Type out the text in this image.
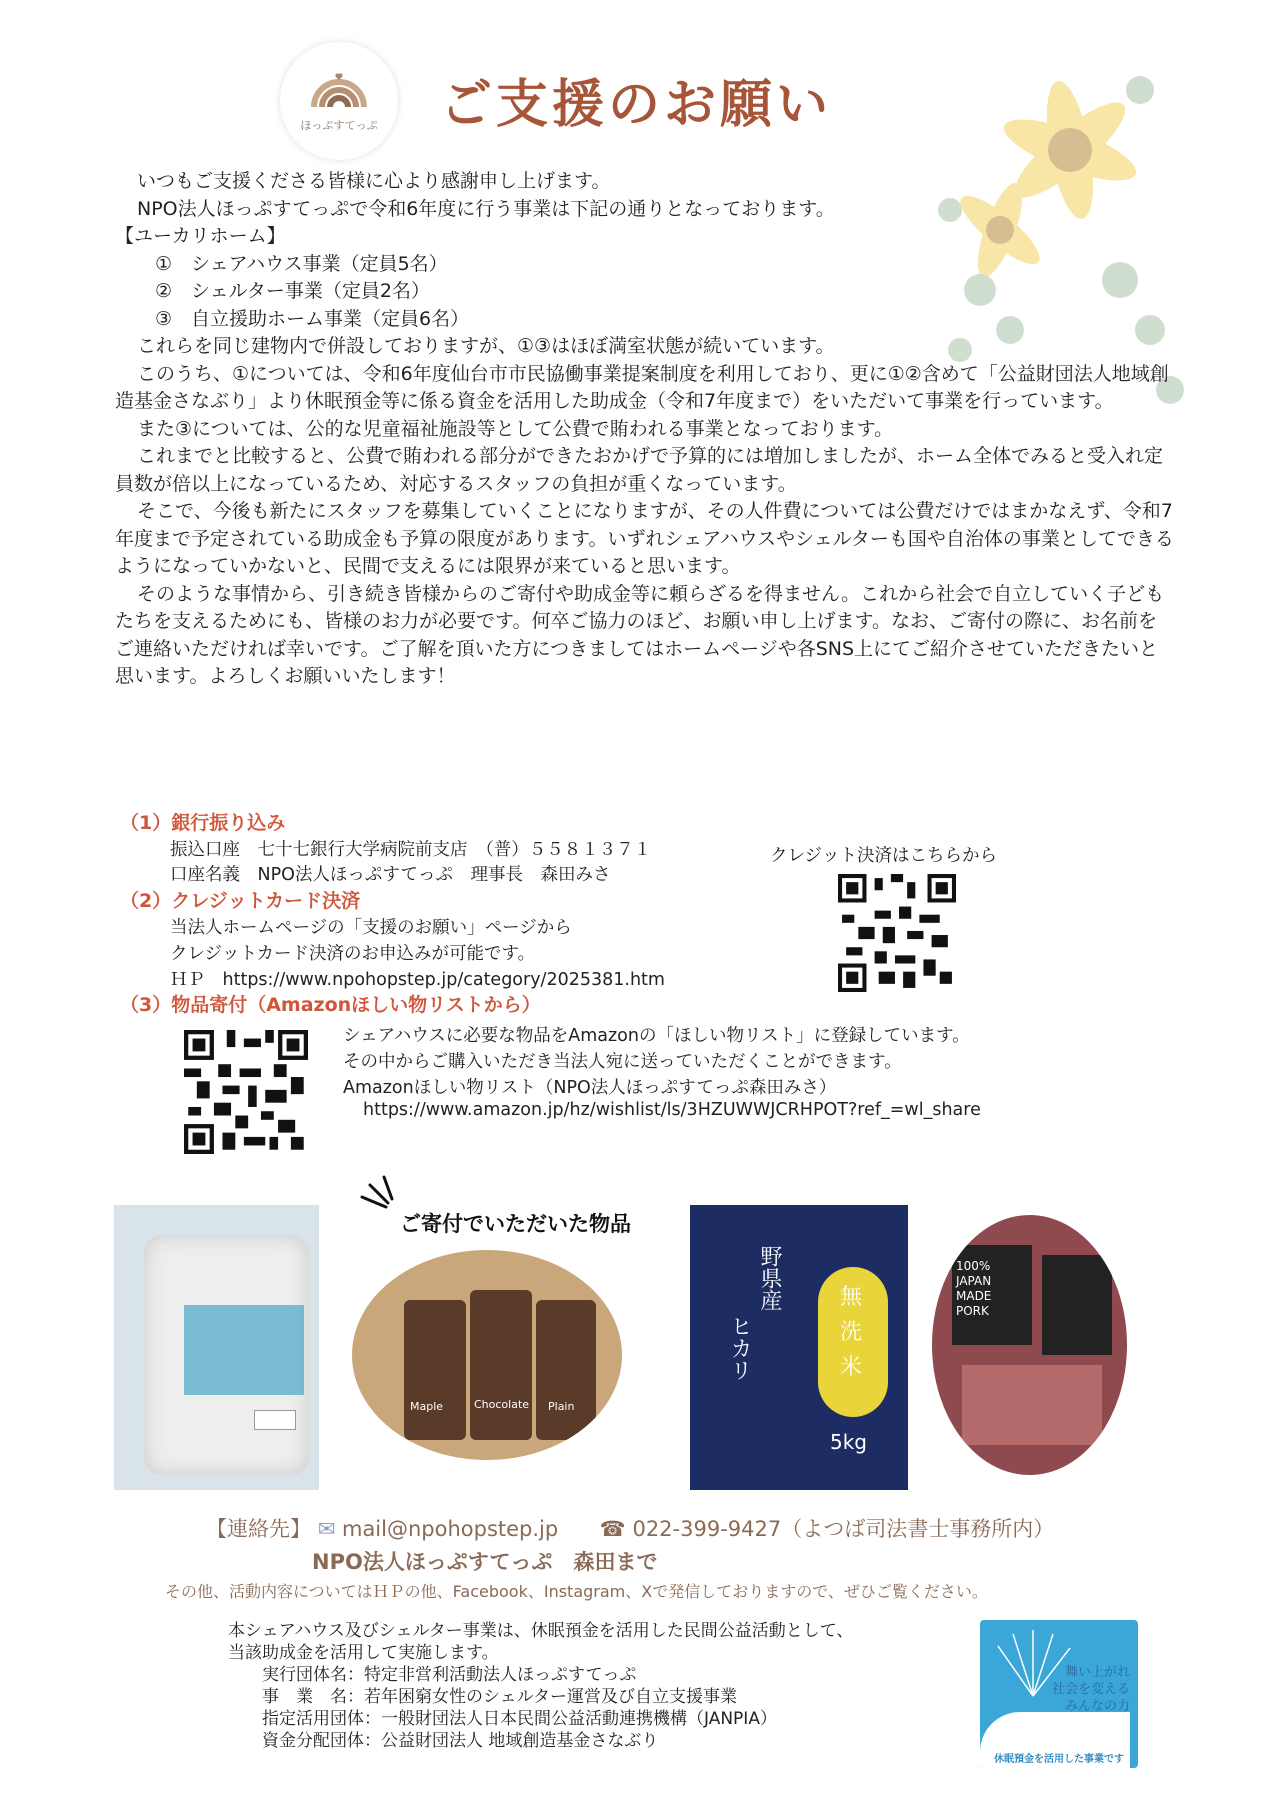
ほっぷすてっぷ	ご支援のお願い

いつもご支援くださる皆様に心より感謝申し上げます。

NPO法人ほっぷすてっぷで令和6年度に行う事業は下記の通りとなっております。

【ユーカリホーム】

①　シェアハウス事業（定員5名）

②　シェルター事業（定員2名）

③　自立援助ホーム事業（定員6名）

これらを同じ建物内で併設しておりますが、①③はほぼ満室状態が続いています。

このうち、①については、令和6年度仙台市市民協働事業提案制度を利用しており、更に①②含めて「公益財団法人地域創造基金さなぶり」より休眠預金等に係る資金を活用した助成金（令和7年度まで）をいただいて事業を行っています。

また③については、公的な児童福祉施設等として公費で賄われる事業となっております。

これまでと比較すると、公費で賄われる部分ができたおかげで予算的には増加しましたが、ホーム全体でみると受入れ定員数が倍以上になっているため、対応するスタッフの負担が重くなっています。

そこで、今後も新たにスタッフを募集していくことになりますが、その人件費については公費だけではまかなえず、令和7年度まで予定されている助成金も予算の限度があります。いずれシェアハウスやシェルターも国や自治体の事業としてできるようになっていかないと、民間で支えるには限界が来ていると思います。

そのような事情から、引き続き皆様からのご寄付や助成金等に頼らざるを得ません。これから社会で自立していく子どもたちを支えるためにも、皆様のお力が必要です。何卒ご協力のほど、お願い申し上げます。なお、ご寄付の際に、お名前をご連絡いただければ幸いです。ご了解を頂いた方につきましてはホームページや各SNS上にてご紹介させていただきたいと思います。よろしくお願いいたします！

（1）銀行振り込み
振込口座　七十七銀行大学病院前支店　（普）５５８１３７１
口座名義　NPO法人ほっぷすてっぷ　理事長　森田みさ
（2）クレジットカード決済
当法人ホームページの「支援のお願い」ページから
クレジットカード決済のお申込みが可能です。
ＨＰ　https://www.npohopstep.jp/category/2025381.htm
クレジット決済はこちらから
（3）物品寄付（Amazonほしい物リストから）
シェアハウスに必要な物品をAmazonの「ほしい物リスト」に登録しています。
その中からご購入いただき当法人宛に送っていただくことができます。
Amazonほしい物リスト（NPO法人ほっぷすてっぷ森田みさ）
https://www.amazon.jp/hz/wishlist/ls/3HZUWWJCRHPOT?ref_=wl_share
ご寄付でいただいた物品
Maple	Chocolate Plain
野県産
ヒカリ
無
洗
米
5kg
100% JAPAN MADE PORK
【連絡先】 ✉ mail@npohopstep.jp ☎ 022-399-9427（よつば司法書士事務所内）
NPO法人ほっぷすてっぷ　森田まで
その他、活動内容についてはＨＰの他、Facebook、Instagram、Xで発信しておりますので、ぜひご覧ください。
本シェアハウス及びシェルター事業は、休眠預金を活用した民間公益活動として、
当該助成金を活用して実施します。
　　実行団体名：特定非営利活動法人ほっぷすてっぷ
　　事　業　名：若年困窮女性のシェルター運営及び自立支援事業
　　指定活用団体：一般財団法人日本民間公益活動連携機構（JANPIA）
　　資金分配団体：公益財団法人 地域創造基金さなぶり
舞い上がれ
社会を変える
みんなの力
休眠預金を活用した事業です
